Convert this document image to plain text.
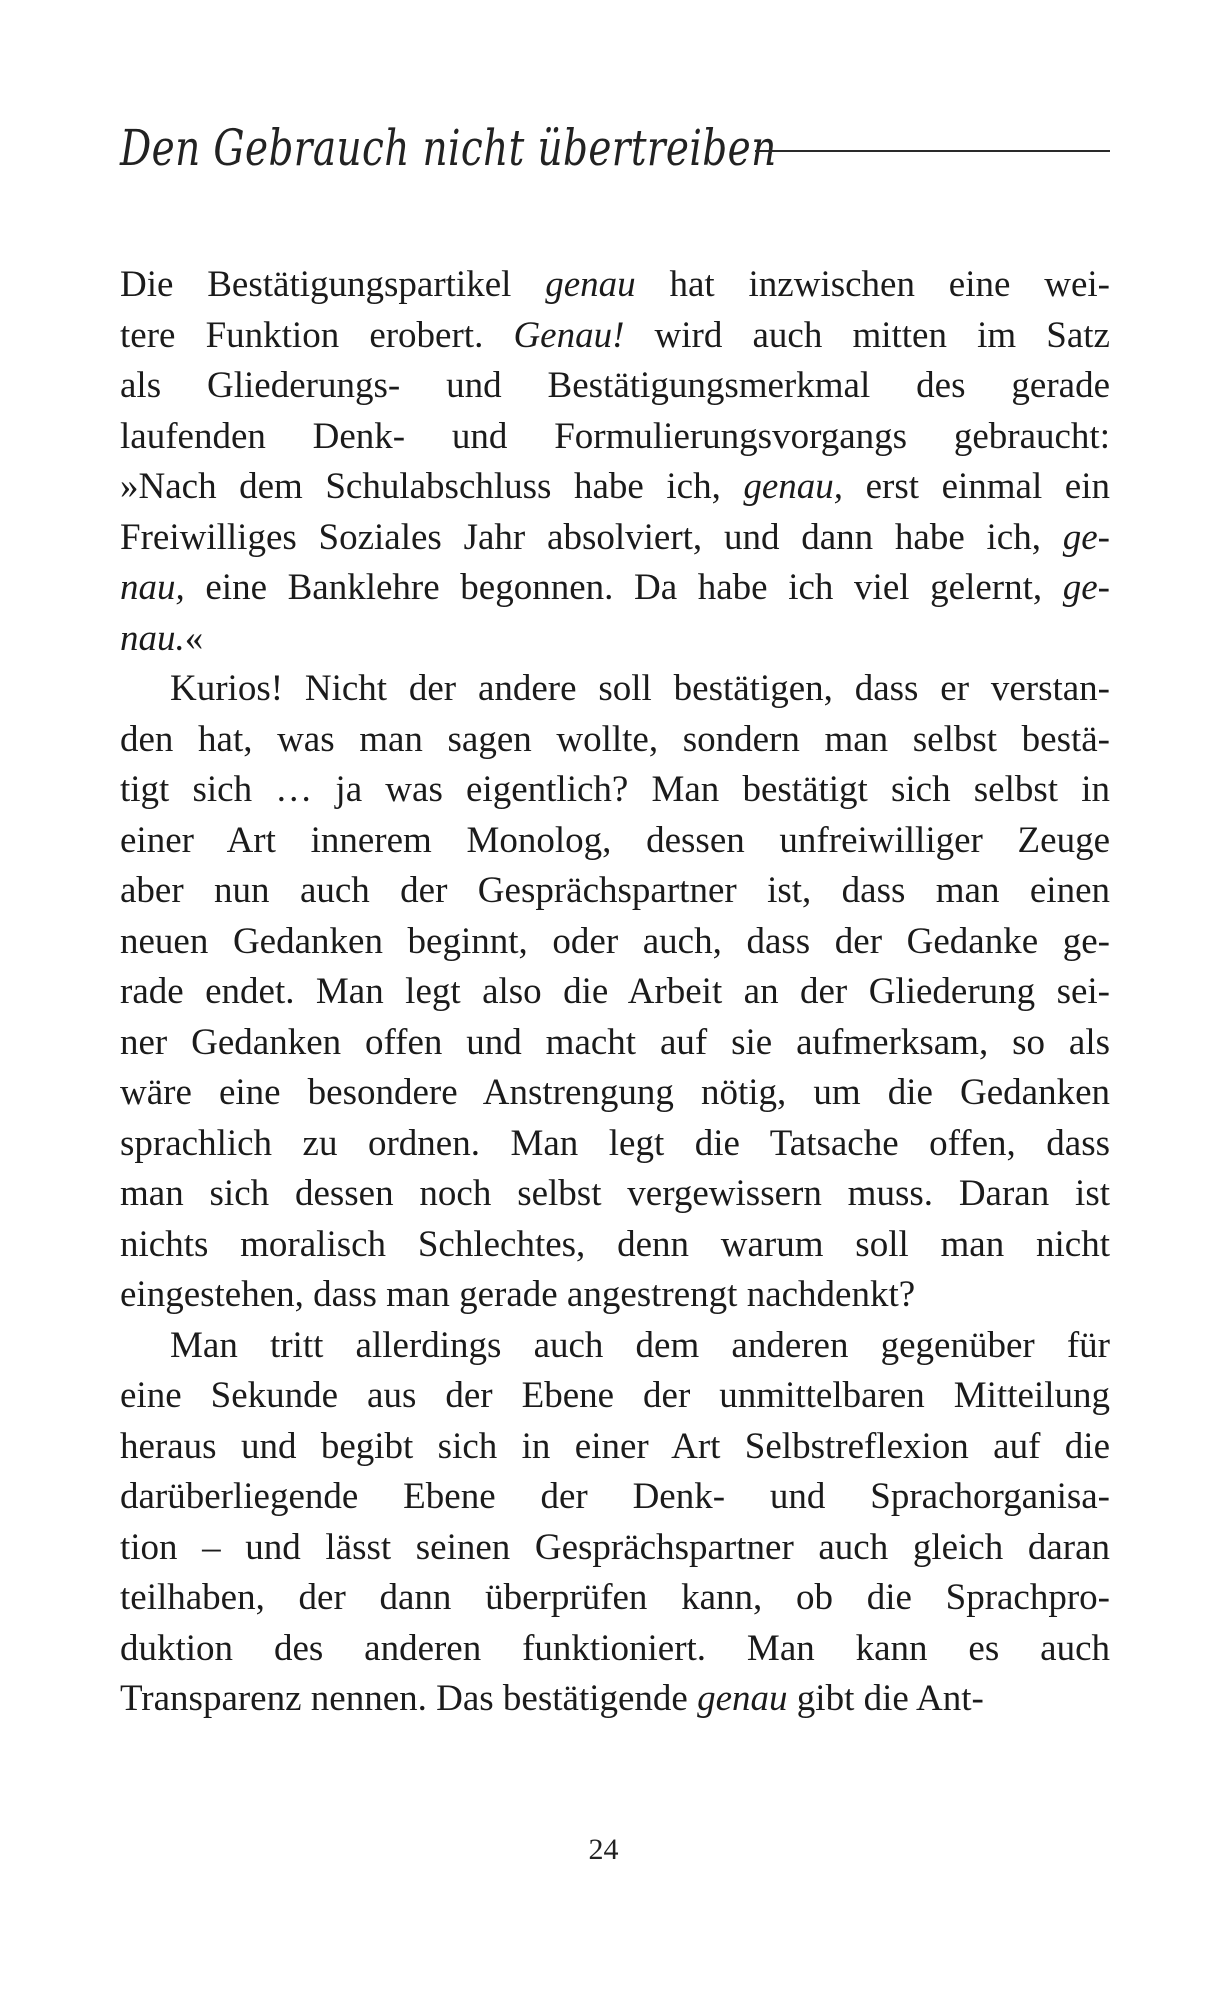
Den Gebrauch nicht übertreiben
Die Bestätigungspartikel genau hat inzwischen eine wei-
tere Funktion erobert. Genau! wird auch mitten im Satz
als Gliederungs- und Bestätigungsmerkmal des gerade
laufenden Denk- und Formulierungsvorgangs gebraucht:
»Nach dem Schulabschluss habe ich, genau, erst einmal ein
Freiwilliges Soziales Jahr absolviert, und dann habe ich, ge-
nau, eine Banklehre begonnen. Da habe ich viel gelernt, ge-
nau.«
Kurios! Nicht der andere soll bestätigen, dass er verstan-
den hat, was man sagen wollte, sondern man selbst bestä-
tigt sich … ja was eigentlich? Man bestätigt sich selbst in
einer Art innerem Monolog, dessen unfreiwilliger Zeuge
aber nun auch der Gesprächspartner ist, dass man einen
neuen Gedanken beginnt, oder auch, dass der Gedanke ge-
rade endet. Man legt also die Arbeit an der Gliederung sei-
ner Gedanken offen und macht auf sie aufmerksam, so als
wäre eine besondere Anstrengung nötig, um die Gedanken
sprachlich zu ordnen. Man legt die Tatsache offen, dass
man sich dessen noch selbst vergewissern muss. Daran ist
nichts moralisch Schlechtes, denn warum soll man nicht
eingestehen, dass man gerade angestrengt nachdenkt?
Man tritt allerdings auch dem anderen gegenüber für
eine Sekunde aus der Ebene der unmittelbaren Mitteilung
heraus und begibt sich in einer Art Selbstreflexion auf die
darüberliegende Ebene der Denk- und Sprachorganisa-
tion – und lässt seinen Gesprächspartner auch gleich daran
teilhaben, der dann überprüfen kann, ob die Sprachpro-
duktion des anderen funktioniert. Man kann es auch
Transparenz nennen. Das bestätigende genau gibt die Ant-
24
